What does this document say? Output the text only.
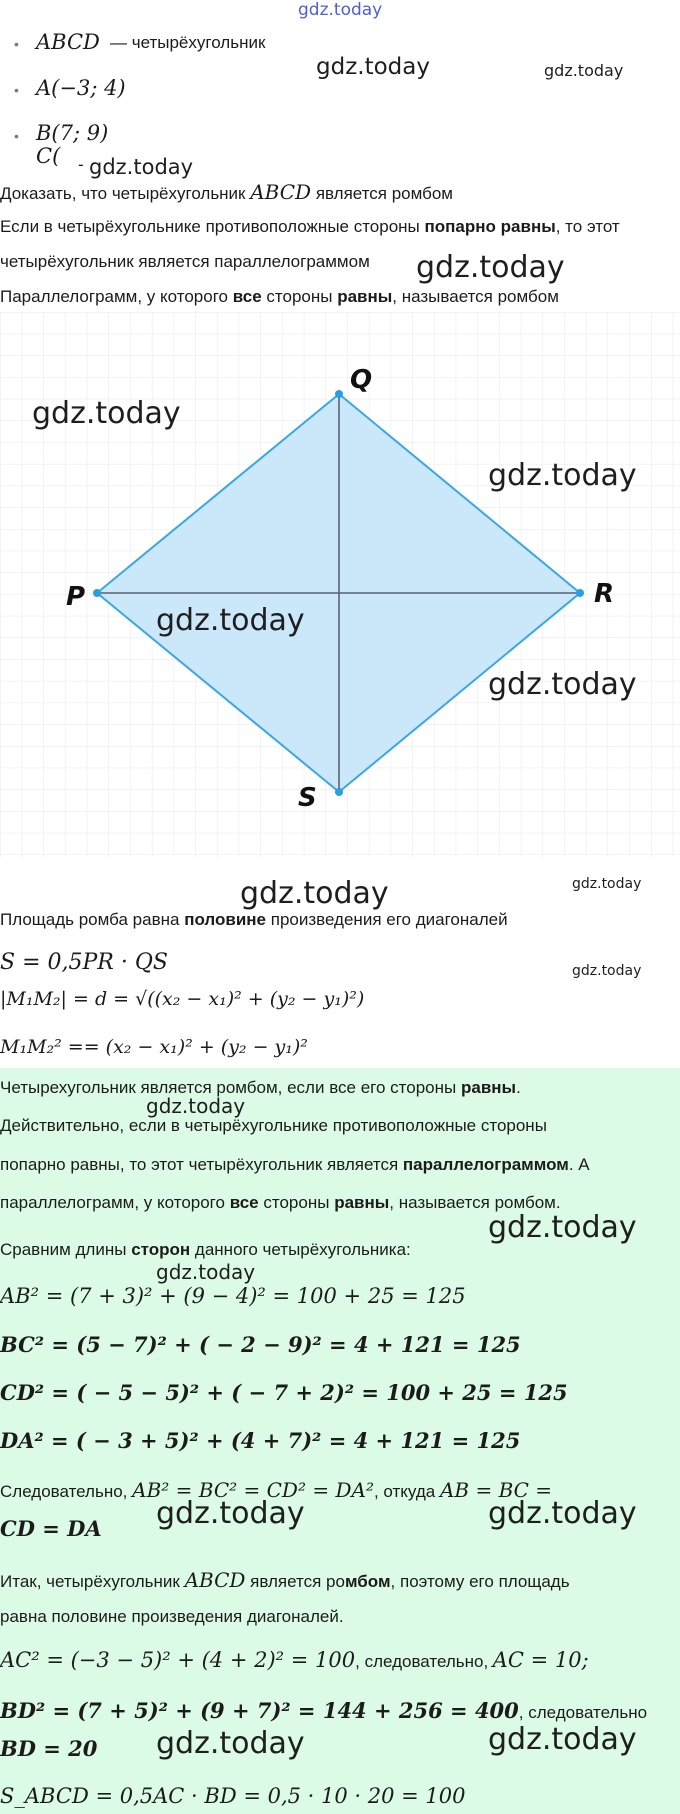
gdz.today
• ABCD — четырёхугольник
• A(−3; 4)
• B(7; 9)
C( -
gdz.today	gdz.today
gdz.today
Доказать, что четырёхугольник ABCD является ромбом
Если в четырёхугольнике противоположные стороны попарно равны, то этот
четырёхугольник является параллелограммом gdz.today
Параллелограмм, у которого все стороны равны, называется ромбом
Q
R
S
P
gdz.today
gdz.today
gdz.today
gdz.today
gdz.today	gdz.today
Площадь ромба равна половине произведения его диагоналей
S = 0,5PR · QS	gdz.today
|M₁M₂| = d = √((x₂ − x₁)² + (y₂ − y₁)²)
M₁M₂² == (x₂ − x₁)² + (y₂ − y₁)²
Четырехугольник является ромбом, если все его стороны равны.
gdz.today
Действительно, если в четырёхугольнике противоположные стороны
попарно равны, то этот четырёхугольник является параллелограммом. А
параллелограмм, у которого все стороны равны, называется ромбом.
gdz.today
Сравним длины сторон данного четырёхугольника:
gdz.today
AB² = (7 + 3)² + (9 − 4)² = 100 + 25 = 125
BC² = (5 − 7)² + ( − 2 − 9)² = 4 + 121 = 125
CD² = ( − 5 − 5)² + ( − 7 + 2)² = 100 + 25 = 125
DA² = ( − 3 + 5)² + (4 + 7)² = 4 + 121 = 125
Следовательно, AB² = BC² = CD² = DA², откуда AB = BC =
CD = DA gdz.today	gdz.today
Итак, четырёхугольник ABCD является ромбом, поэтому его площадь
равна половине произведения диагоналей.
AC² = (−3 − 5)² + (4 + 2)² = 100, следовательно, AC = 10;
BD² = (7 + 5)² + (9 + 7)² = 144 + 256 = 400, следовательно
BD = 20 gdz.today	gdz.today
S_ABCD = 0,5AC · BD = 0,5 · 10 · 20 = 100
